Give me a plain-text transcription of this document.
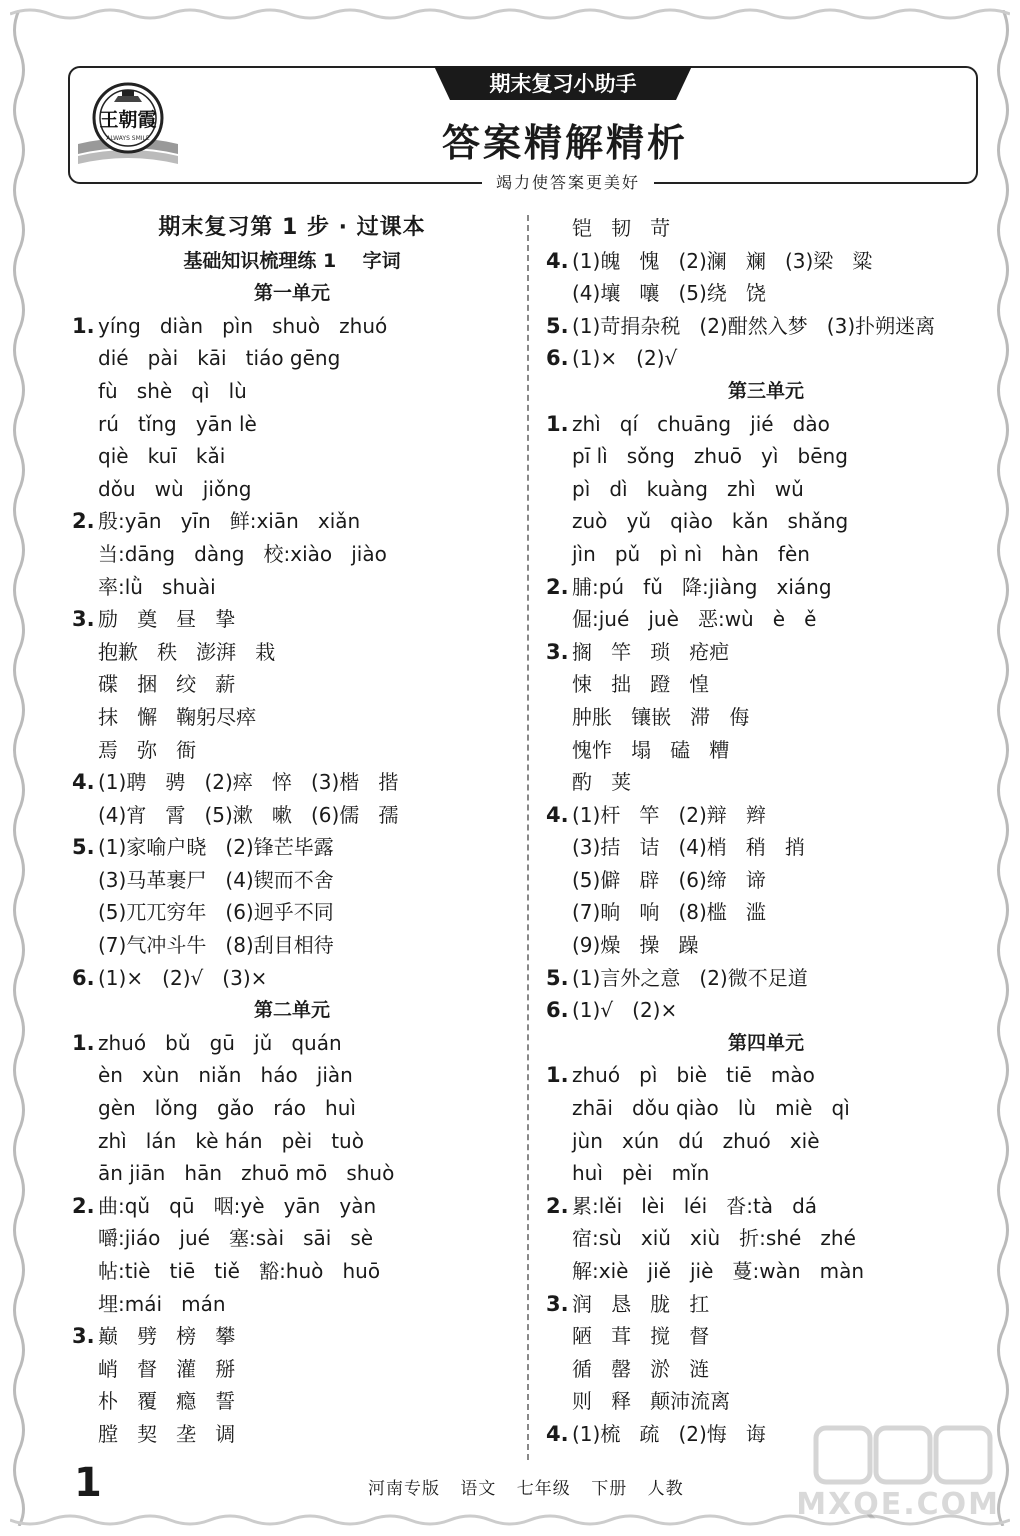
王朝霞
ALWAYS SMILE
期末复习小助手
答案精解精析
竭力使答案更美好
期末复习第 1 步 · 过课本
基础知识梳理练 1    字词
第一单元
1. yíng   diàn   pìn   shuò   zhuó
dié   pài   kāi   tiáo gēng
fù   shè   qì   lù
rú   tǐng   yān lè
qiè   kuī   kǎi
dǒu   wù   jiǒng
2. 殷:yān   yīn   鲜:xiān   xiǎn
当:dāng   dàng   校:xiào   jiào
率:lǜ   shuài
3. 励   奠   昼   挚
抱歉   秩   澎湃   栽
碟   捆   绞   薪
抹   懈   鞠躬尽瘁
焉   弥   衙
4. (1)聘   骋   (2)瘁   悴   (3)楷   揩
(4)宵   霄   (5)漱   嗽   (6)儒   孺
5. (1)家喻户晓   (2)锋芒毕露
(3)马革裹尸   (4)锲而不舍
(5)兀兀穷年   (6)迥乎不同
(7)气冲斗牛   (8)刮目相待
6. (1)×   (2)√   (3)×
第二单元
1. zhuó   bǔ   gū   jǔ   quán
èn   xùn   niǎn   háo   jiàn
gèn   lǒng   gǎo   ráo   huì
zhì   lán   kè hán   pèi   tuò
ān jiān   hān   zhuō mō   shuò
2. 曲:qǔ   qū   咽:yè   yān   yàn
嚼:jiáo   jué   塞:sài   sāi   sè
帖:tiè   tiē   tiě   豁:huò   huō
埋:mái   mán
3. 巅   劈   榜   攀
峭   督   灌   掰
朴   覆   瘾   誓
膛   契   垄   调
铠   韧   苛
4. (1)魄   愧   (2)澜   斓   (3)梁   粱
(4)壤   嚷   (5)绕   饶
5. (1)苛捐杂税   (2)酣然入梦   (3)扑朔迷离
6. (1)×   (2)√
第三单元
1. zhì   qí   chuāng   jié   dào
pī lì   sǒng   zhuō   yì   bēng
pì   dì   kuàng   zhì   wǔ
zuò   yǔ   qiào   kǎn   shǎng
jìn   pǔ   pì nì   hàn   fèn
2. 脯:pú   fǔ   降:jiàng   xiáng
倔:jué   juè   恶:wù   è   ě
3. 搁   竿   琐   疮疤
悚   拙   蹬   惶
肿胀   镶嵌   滞   侮
愧怍   塌   磕   糟
酌   荚
4. (1)杆   竿   (2)辩   辫
(3)拮   诘   (4)梢   稍   捎
(5)僻   辟   (6)缔   谛
(7)晌   响   (8)槛   滥
(9)燥   操   躁
5. (1)言外之意   (2)微不足道
6. (1)√   (2)×
第四单元
1. zhuó   pì   biè   tiē   mào
zhāi   dǒu qiào   lù   miè   qì
jùn   xún   dú   zhuó   xiè
huì   pèi   mǐn
2. 累:lěi   lèi   léi   沓:tà   dá
宿:sù   xiǔ   xiù   折:shé   zhé
解:xiè   jiě   jiè   蔓:wàn   màn
3. 润   恳   胧   扛
陋   茸   搅   督
循   罄   淤   涟
则   释   颠沛流离
4. (1)梳   疏   (2)悔   诲
1	河南专版 语文 七年级 下册 人教	MXQE.COM
